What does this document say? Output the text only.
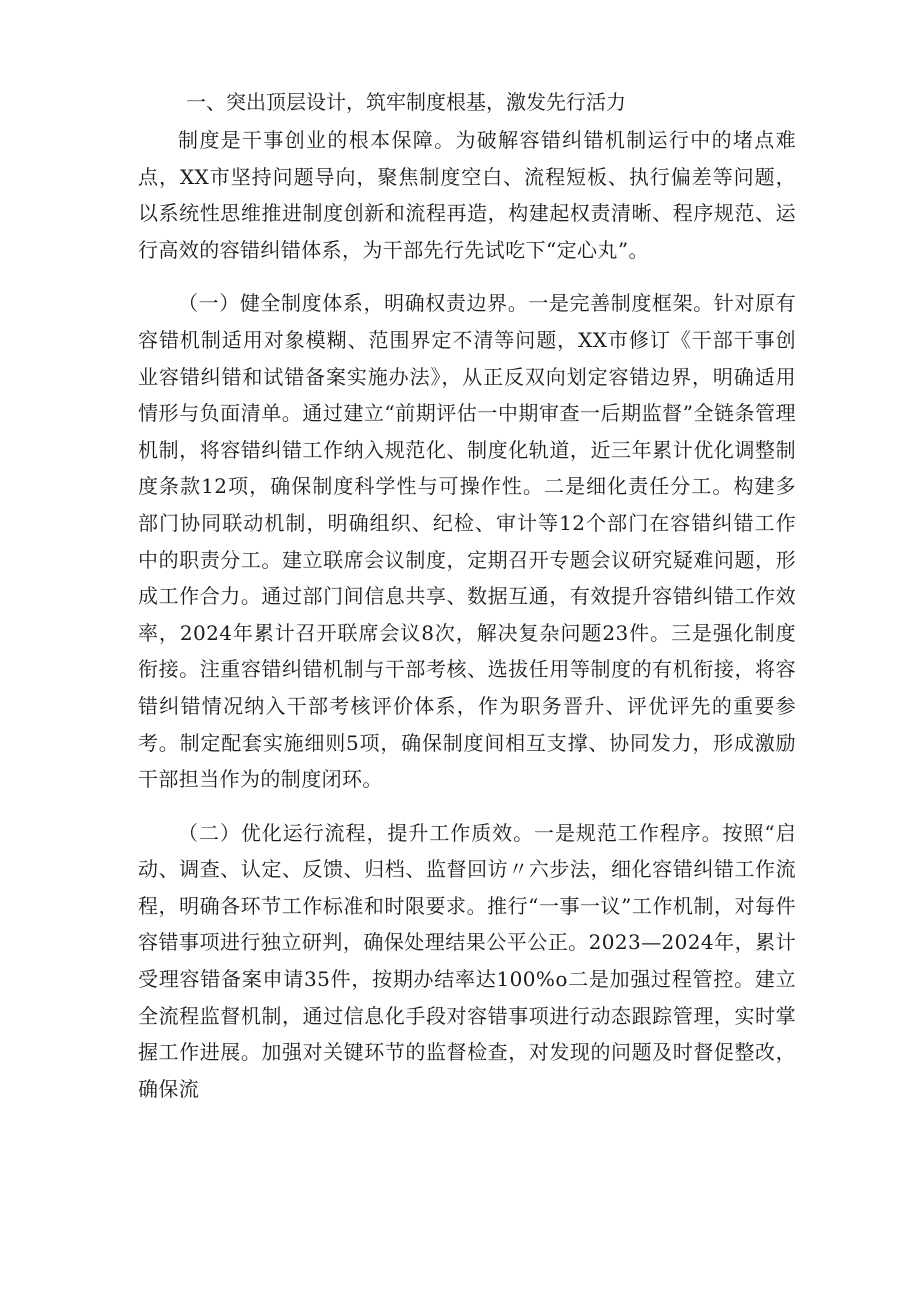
一、突出顶层设计，筑牢制度根基，激发先行活力

制度是干事创业的根本保障。为破解容错纠错机制运行中的堵点难点，XX市坚持问题导向，聚焦制度空白、流程短板、执行偏差等问题，以系统性思维推进制度创新和流程再造，构建起权责清晰、程序规范、运行高效的容错纠错体系，为干部先行先试吃下“定心丸”。

（一）健全制度体系，明确权责边界。一是完善制度框架。针对原有容错机制适用对象模糊、范围界定不清等问题，XX市修订《干部干事创业容错纠错和试错备案实施办法》，从正反双向划定容错边界，明确适用情形与负面清单。通过建立“前期评估一中期审查一后期监督”全链条管理机制，将容错纠错工作纳入规范化、制度化轨道，近三年累计优化调整制度条款12项，确保制度科学性与可操作性。二是细化责任分工。构建多部门协同联动机制，明确组织、纪检、审计等12个部门在容错纠错工作中的职责分工。建立联席会议制度，定期召开专题会议研究疑难问题，形成工作合力。通过部门间信息共享、数据互通，有效提升容错纠错工作效率，2024年累计召开联席会议8次，解决复杂问题23件。三是强化制度衔接。注重容错纠错机制与干部考核、选拔任用等制度的有机衔接，将容错纠错情况纳入干部考核评价体系，作为职务晋升、评优评先的重要参考。制定配套实施细则5项，确保制度间相互支撑、协同发力，形成激励干部担当作为的制度闭环。

（二）优化运行流程，提升工作质效。一是规范工作程序。按照“启动、调查、认定、反馈、归档、监督回访〃六步法，细化容错纠错工作流程，明确各环节工作标准和时限要求。推行“一事一议”工作机制，对每件容错事项进行独立研判，确保处理结果公平公正。2023—2024年，累计受理容错备案申请35件，按期办结率达100%o二是加强过程管控。建立全流程监督机制，通过信息化手段对容错事项进行动态跟踪管理，实时掌握工作进展。加强对关键环节的监督检查，对发现的问题及时督促整改，确保流
